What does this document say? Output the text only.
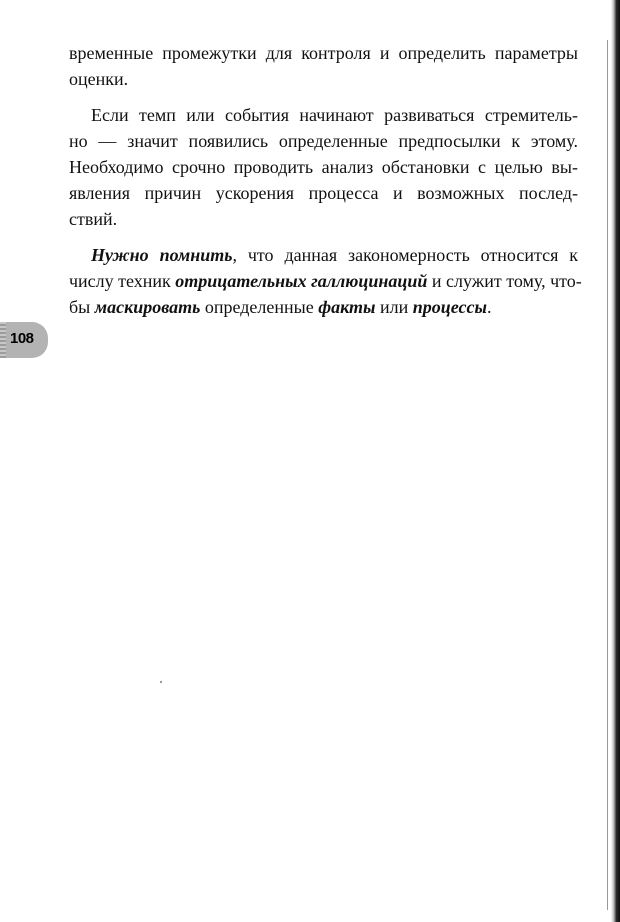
временные промежутки для контроля и определить параметры
оценки.
Если темп или события начинают развиваться стремитель-
но — значит появились определенные предпосылки к этому.
Необходимо срочно проводить анализ обстановки с целью вы-
явления причин ускорения процесса и возможных послед-
ствий.
Нужно помнить, что данная закономерность относится к
числу техник отрицательных галлюцинаций и служит тому, что-
бы маскировать определенные факты или процессы.
108
